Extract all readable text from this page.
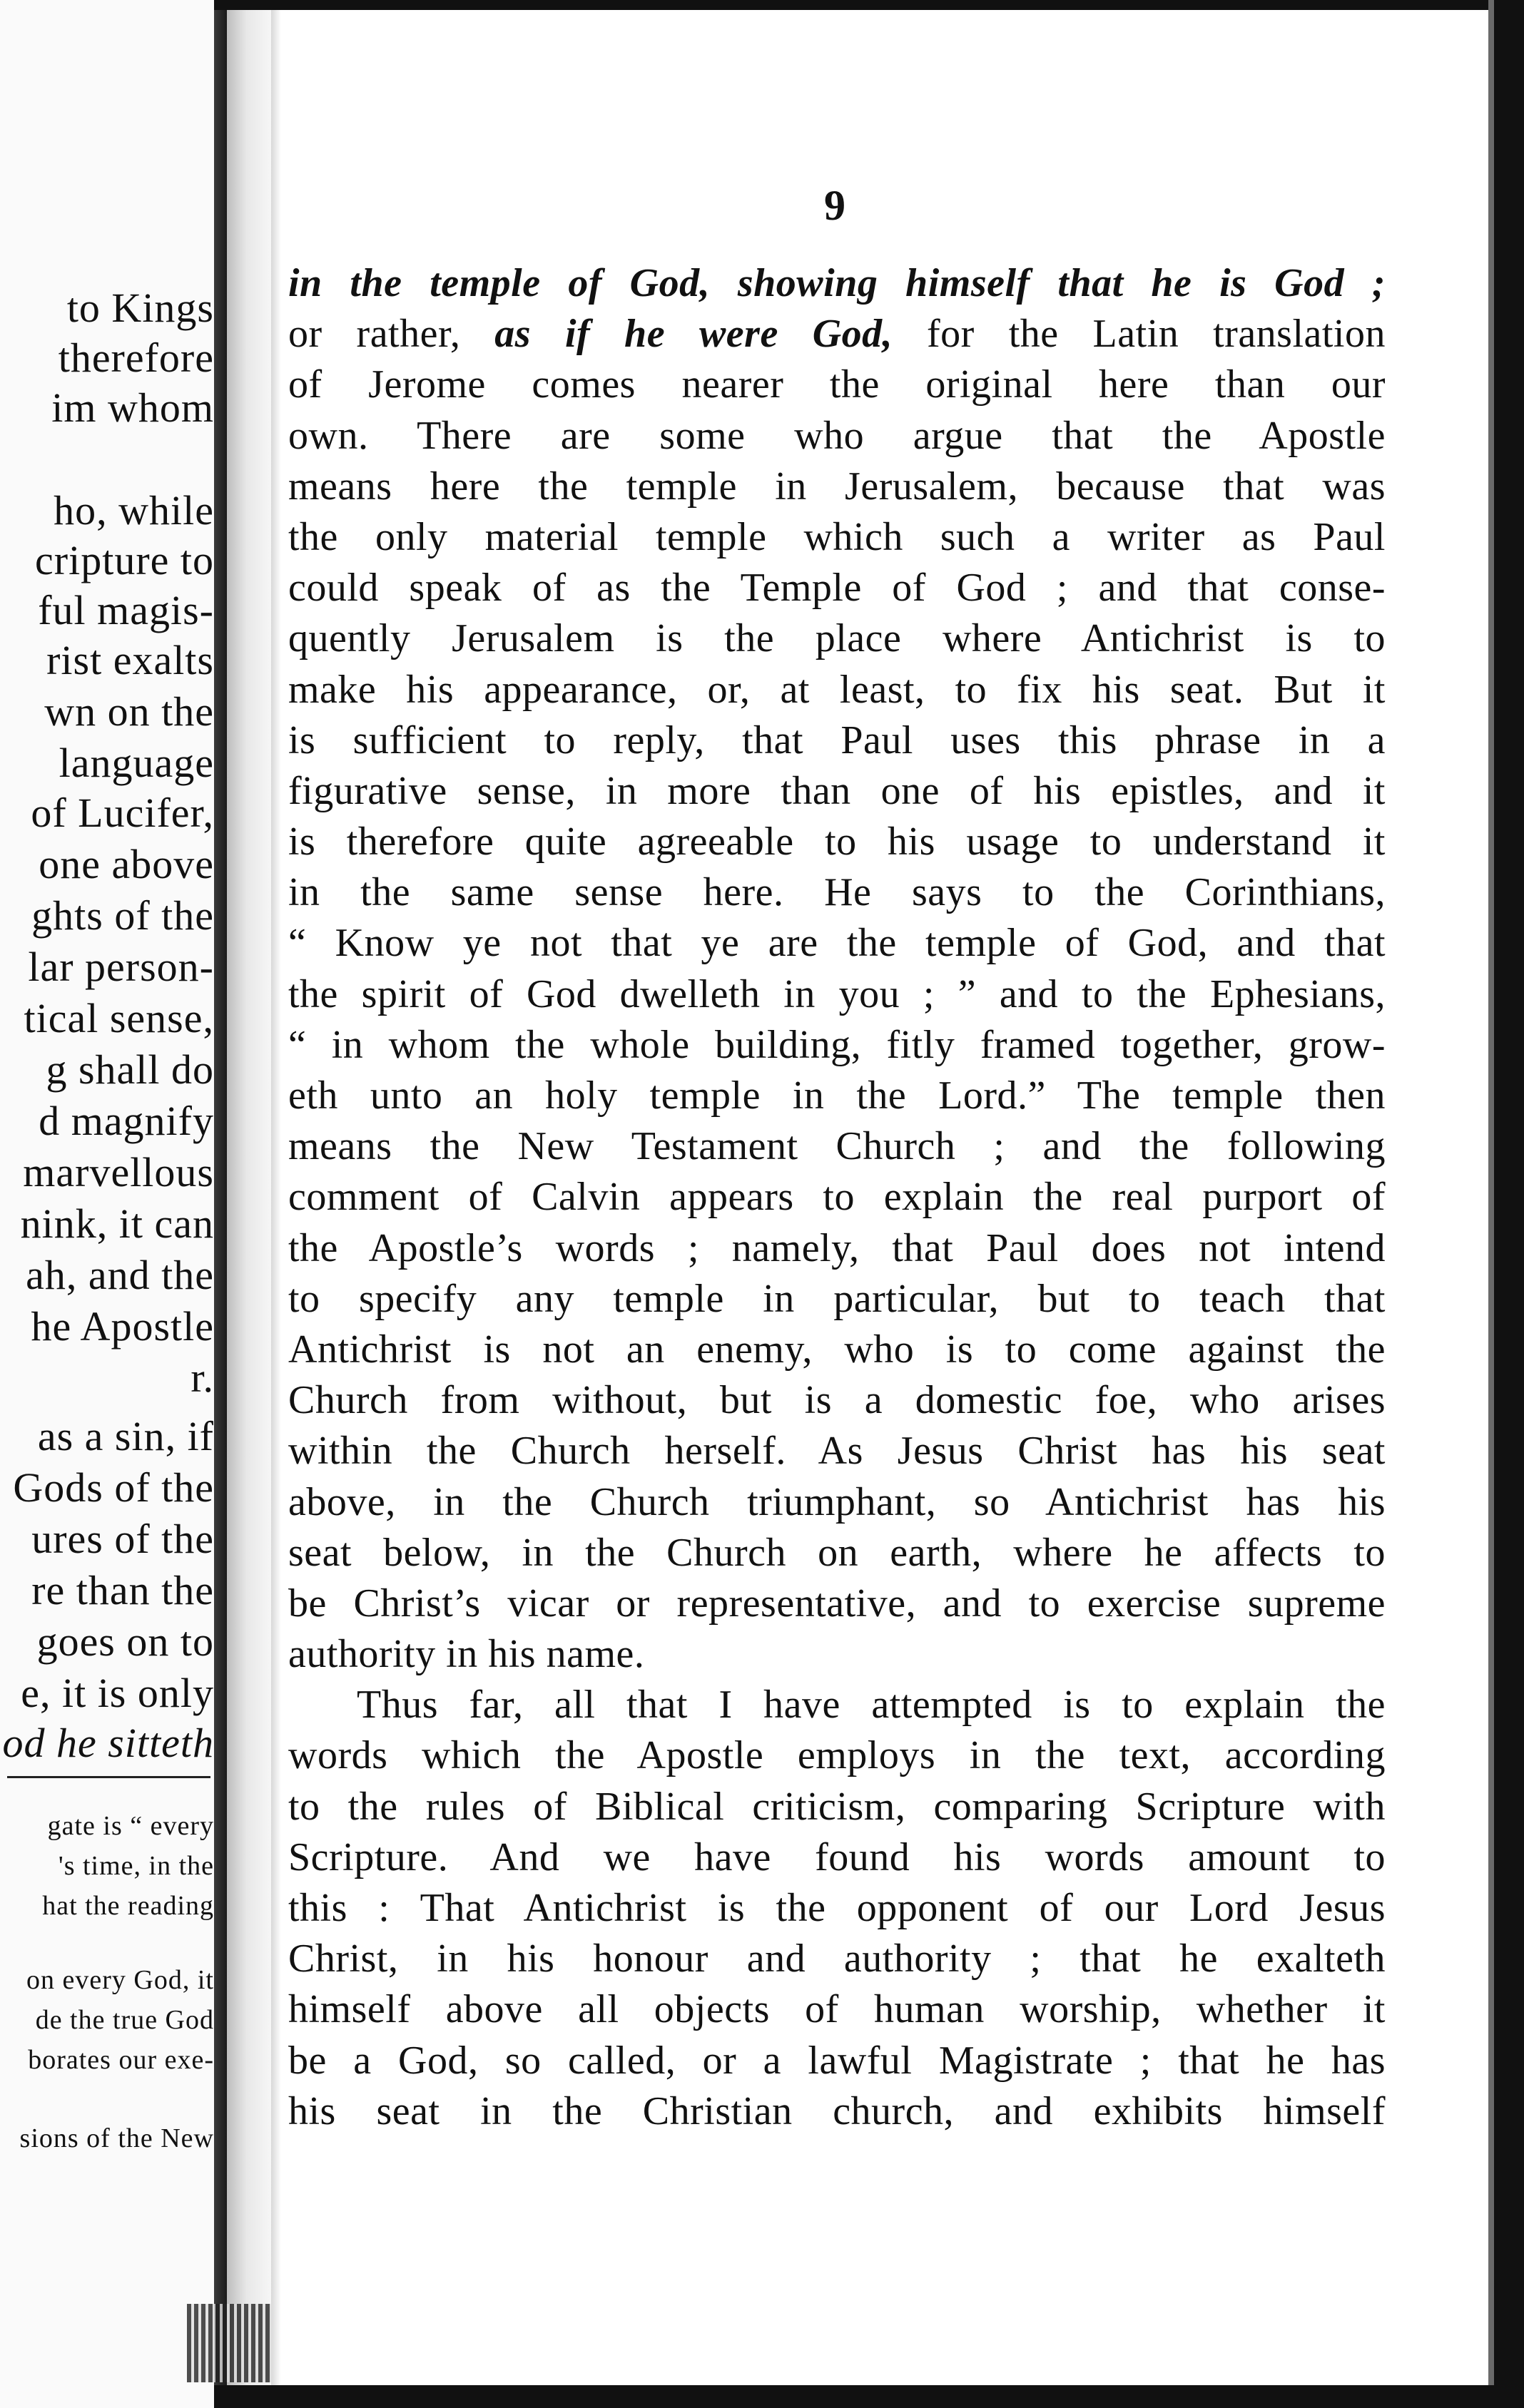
to Kings
therefore
im whom
ho, while
cripture to
ful magis-
rist exalts
wn on the
language
of Lucifer,
one above
ghts of the
lar person-
tical sense,
g shall do
d magnify
marvellous
nink, it can
ah, and the
he Apostle
r.
as a sin, if
Gods of the
ures of the
re than the
goes on to
e, it is only
od he sitteth
gate is “ every
's time, in the
hat the reading
on every God, it
de the true God
borates our exe-
sions of the New
9
in the temple of God, showing himself that he is God ;
or rather, as if he were God, for the Latin translation
of Jerome comes nearer the original here than our
own. There are some who argue that the Apostle
means here the temple in Jerusalem, because that was
the only material temple which such a writer as Paul
could speak of as the Temple of God ; and that conse-
quently Jerusalem is the place where Antichrist is to
make his appearance, or, at least, to fix his seat. But it
is sufficient to reply, that Paul uses this phrase in a
figurative sense, in more than one of his epistles, and it
is therefore quite agreeable to his usage to understand it
in the same sense here. He says to the Corinthians,
“ Know ye not that ye are the temple of God, and that
the spirit of God dwelleth in you ; ” and to the Ephesians,
“ in whom the whole building, fitly framed together, grow-
eth unto an holy temple in the Lord.” The temple then
means the New Testament Church ; and the following
comment of Calvin appears to explain the real purport of
the Apostle’s words ; namely, that Paul does not intend
to specify any temple in particular, but to teach that
Antichrist is not an enemy, who is to come against the
Church from without, but is a domestic foe, who arises
within the Church herself. As Jesus Christ has his seat
above, in the Church triumphant, so Antichrist has his
seat below, in the Church on earth, where he affects to
be Christ’s vicar or representative, and to exercise supreme
authority in his name.
Thus far, all that I have attempted is to explain the
words which the Apostle employs in the text, according
to the rules of Biblical criticism, comparing Scripture with
Scripture. And we have found his words amount to
this : That Antichrist is the opponent of our Lord Jesus
Christ, in his honour and authority ; that he exalteth
himself above all objects of human worship, whether it
be a God, so called, or a lawful Magistrate ; that he has
his seat in the Christian church, and exhibits himself
